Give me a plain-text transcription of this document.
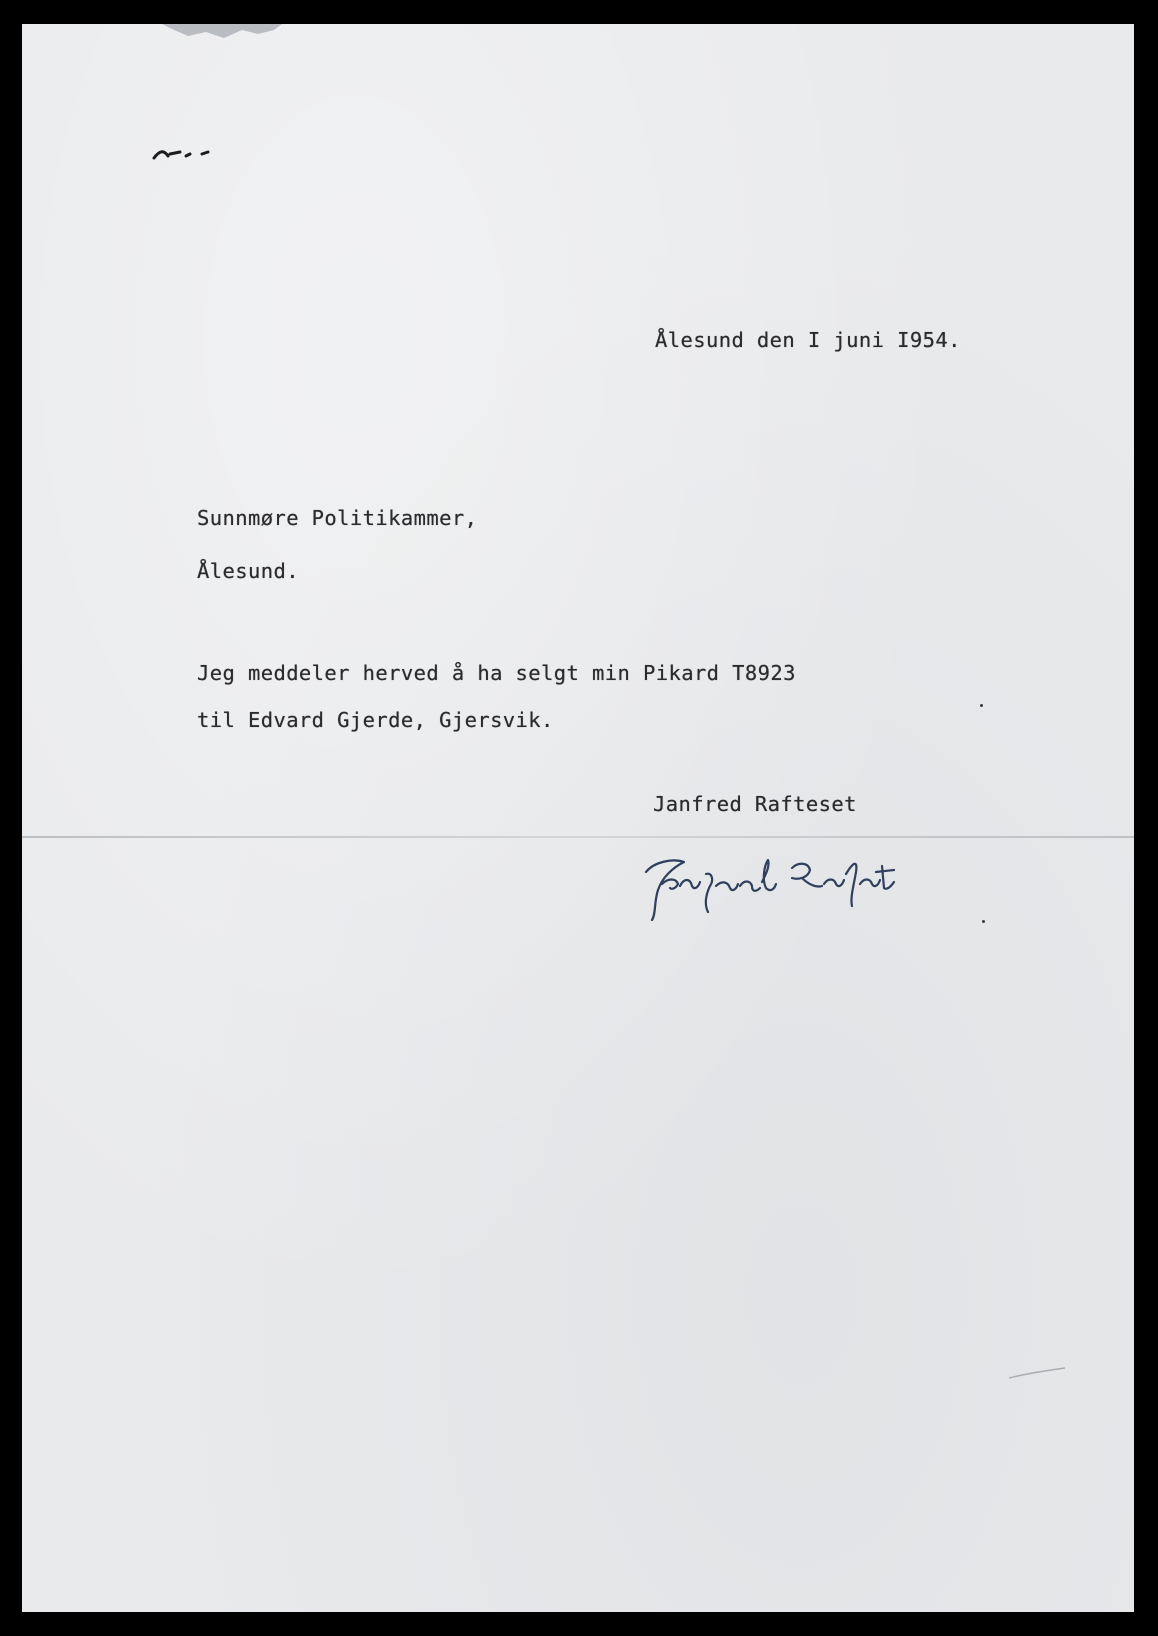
Ålesund den I juni I954.
Sunnmøre Politikammer,
Ålesund.
Jeg meddeler herved å ha selgt min Pikard T8923
til Edvard Gjerde, Gjersvik.
Janfred Rafteset
